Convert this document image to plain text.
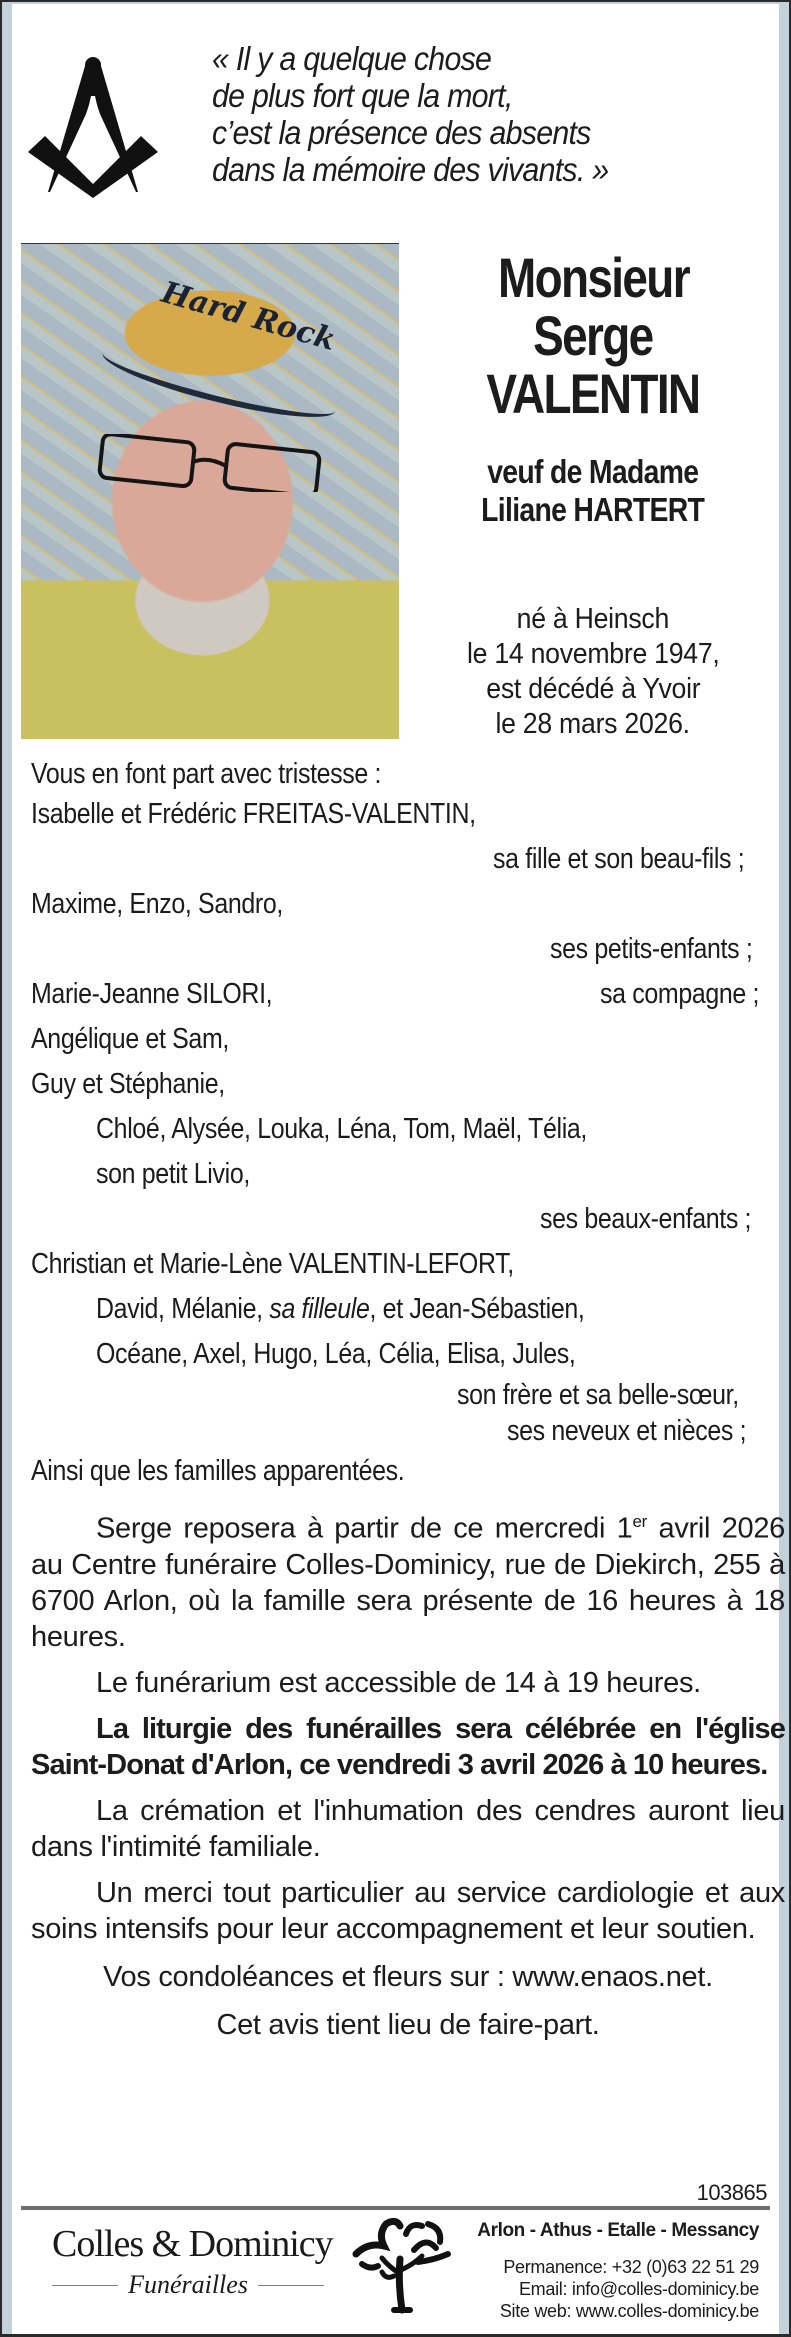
« Il y a quelque chose
de plus fort que la mort,
c’est la présence des absents
dans la mémoire des vivants. »
Hard Rock	Monsieur
Serge
VALENTIN
veuf de Madame
Liliane HARTERT
né à Heinsch
le 14 novembre 1947,
est décédé à Yvoir
le 28 mars 2026.
Vous en font part avec tristesse :
Isabelle et Frédéric FREITAS-VALENTIN,
sa fille et son beau-fils ;
Maxime, Enzo, Sandro,
ses petits-enfants ;
Marie-Jeanne SILORI,	sa compagne ;
Angélique et Sam,
Guy et Stéphanie,
Chloé, Alysée, Louka, Léna, Tom, Maël, Télia,
son petit Livio,
ses beaux-enfants ;
Christian et Marie-Lène VALENTIN-LEFORT,
David, Mélanie, sa filleule, et Jean-Sébastien,
Océane, Axel, Hugo, Léa, Célia, Elisa, Jules,
son frère et sa belle-sœur,
ses neveux et nièces ;
Ainsi que les familles apparentées.
Serge reposera à partir de ce mercredi 1er avril 2026 au Centre funéraire Colles-Dominicy, rue de Diekirch, 255 à 6700 Arlon, où la famille sera présente de 16 heures à 18 heures.
Le funérarium est accessible de 14 à 19 heures.
La liturgie des funérailles sera célébrée en l'église Saint-Donat d'Arlon, ce vendredi 3 avril 2026 à 10 heures.
La crémation et l'inhumation des cendres auront lieu dans l'intimité familiale.
Un merci tout particulier au service cardiologie et aux soins intensifs pour leur accompagnement et leur soutien.
Vos condoléances et fleurs sur : www.enaos.net.
Cet avis tient lieu de faire-part.
103865
Colles & Dominicy
Funérailles
Arlon - Athus - Etalle - Messancy
Permanence: +32 (0)63 22 51 29
Email: info@colles-dominicy.be
Site web: www.colles-dominicy.be
